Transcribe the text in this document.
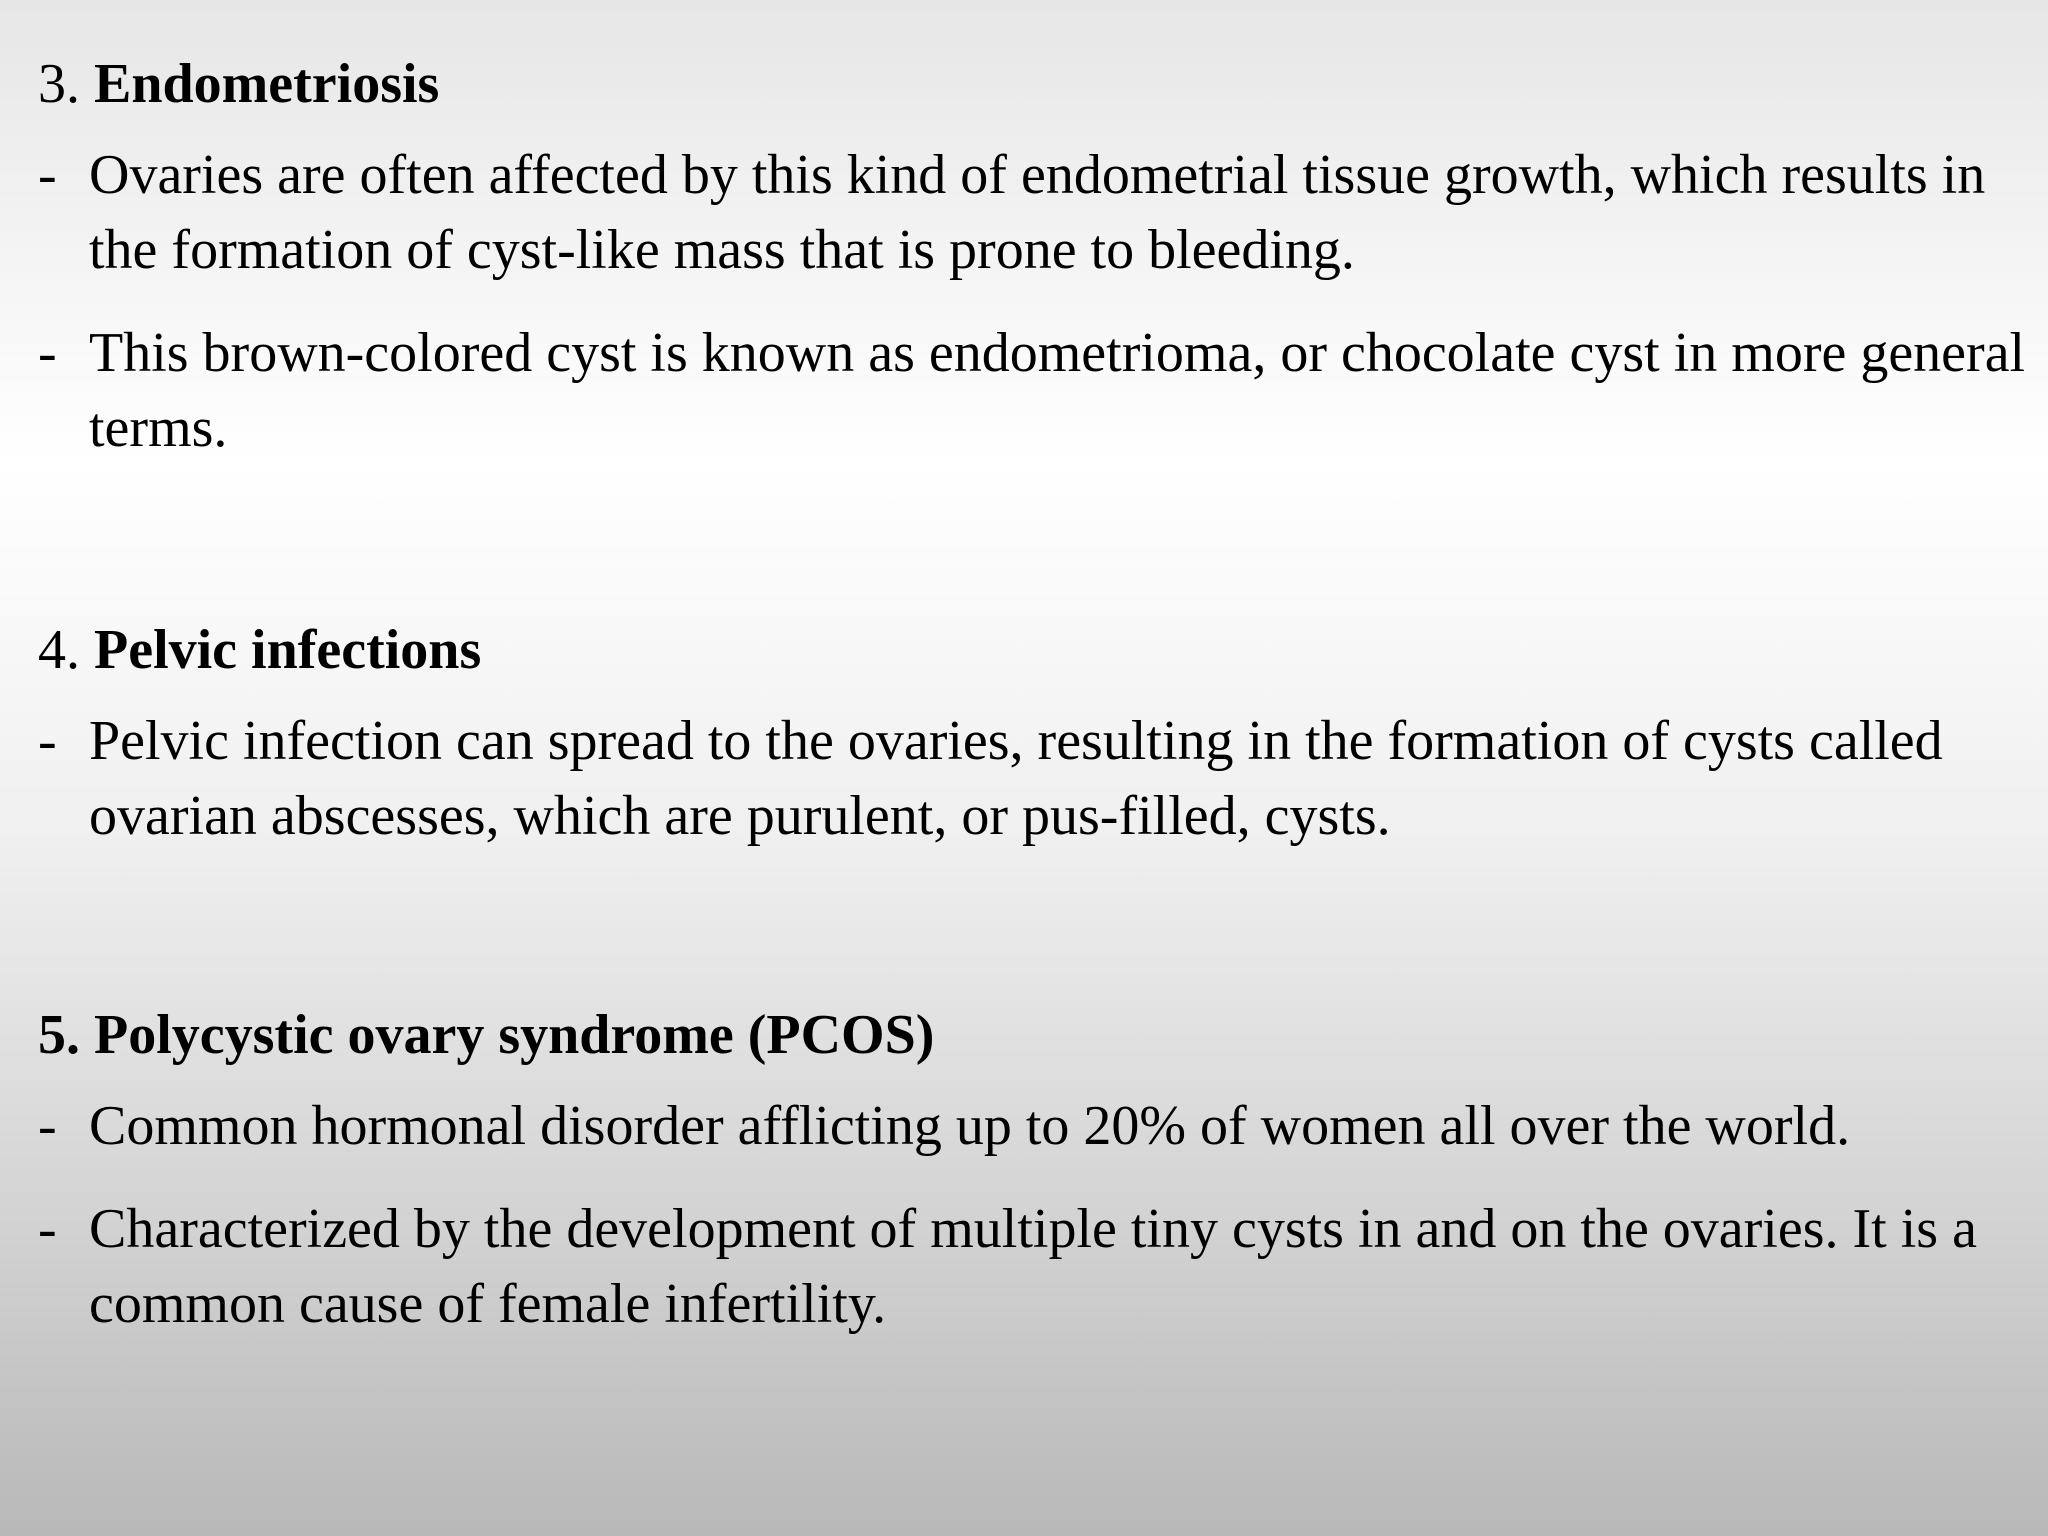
3. Endometriosis
- Ovaries are often affected by this kind of endometrial tissue growth, which results in the formation of cyst-like mass that is prone to bleeding.
- This brown-colored cyst is known as endometrioma, or chocolate cyst in more general terms.
4. Pelvic infections
- Pelvic infection can spread to the ovaries, resulting in the formation of cysts called ovarian abscesses, which are purulent, or pus-filled, cysts.
5. Polycystic ovary syndrome (PCOS)
- Common hormonal disorder afflicting up to 20% of women all over the world.
- Characterized by the development of multiple tiny cysts in and on the ovaries. It is a common cause of female infertility.
